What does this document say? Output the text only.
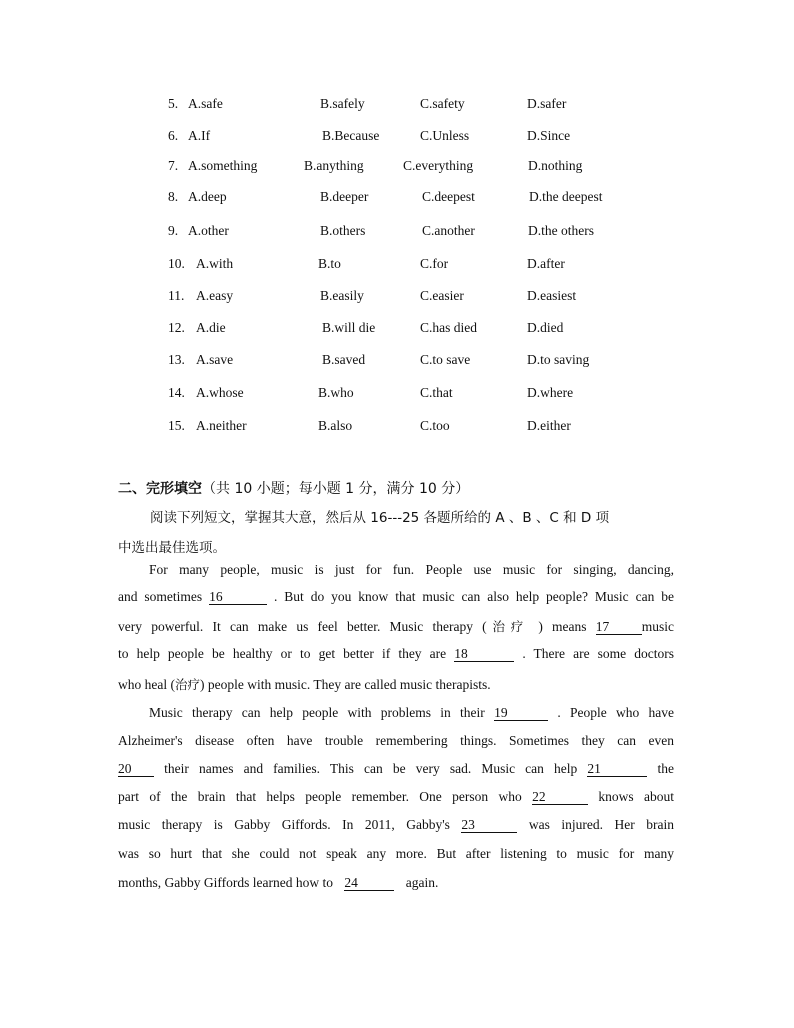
5. A.safe	B.safely	C.safety	D.safer
6. A.If	B.Because	C.Unless	D.Since
7. A.something	B.anything	C.everything	D.nothing
8. A.deep	B.deeper	C.deepest	D.the deepest
9. A.other	B.others	C.another	D.the others
10. A.with	B.to	C.for	D.after
11. A.easy	B.easily	C.easier	D.easiest
12. A.die	B.will die	C.has died	D.died
13. A.save	B.saved	C.to save	D.to saving
14. A.whose	B.who	C.that	D.where
15. A.neither	B.also	C.too	D.either
二、完形填空（共 10 小题；每小题 1 分，满分 10 分）
阅读下列短文，掌握其大意，然后从 16---25 各题所给的 A 、B 、C 和 D 项
中选出最佳选项。
For many people, music is just for fun. People use music for singing, dancing,
and sometimes 16	. But do you know that music can also help people? Music can be
very powerful. It can make us feel better. Music therapy (治疗 ) means 17 music
to help people be healthy or to get better if they are 18	. There are some doctors
who heal (治疗) people with music. They are called music therapists.
Music therapy can help people with problems in their 19	. People who have
Alzheimer's disease often have trouble remembering things. Sometimes they can even
20 their names and families. This can be very sad. Music can help 21	the
part of the brain that helps people remember. One person who 22	knows about
music therapy is Gabby Giffords. In 2011, Gabby's 23	was injured. Her brain
was so hurt that she could not speak any more. But after listening to music for many
months, Gabby Giffords learned how to 24	again.
